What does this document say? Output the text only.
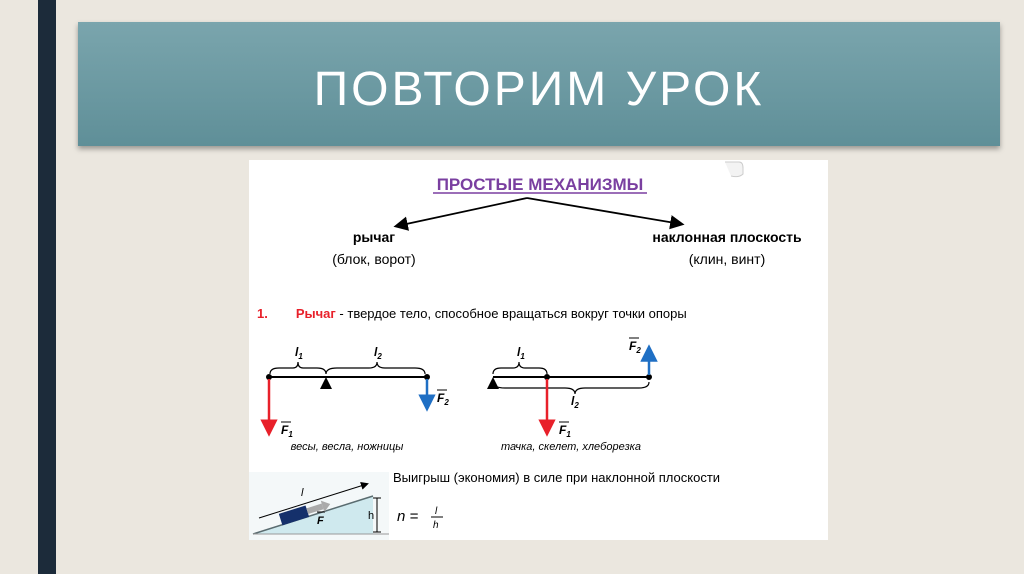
ПОВТОРИМ УРОК
ПРОСТЫЕ МЕХАНИЗМЫ
рычаг
(блок, ворот)
наклонная плоскость
(клин, винт)
1. Рычаг - твердое тело, способное вращаться вокруг точки опоры
$l_1$	$l_2$
$F_1$
$F_2$
весы, весла, ножницы
$l_1$
$l_2$
$F_1$
$F_2$
тачка, скелет, хлеборезка
l
h
F
Выигрыш (экономия) в силе при наклонной плоскости
n = l
h
